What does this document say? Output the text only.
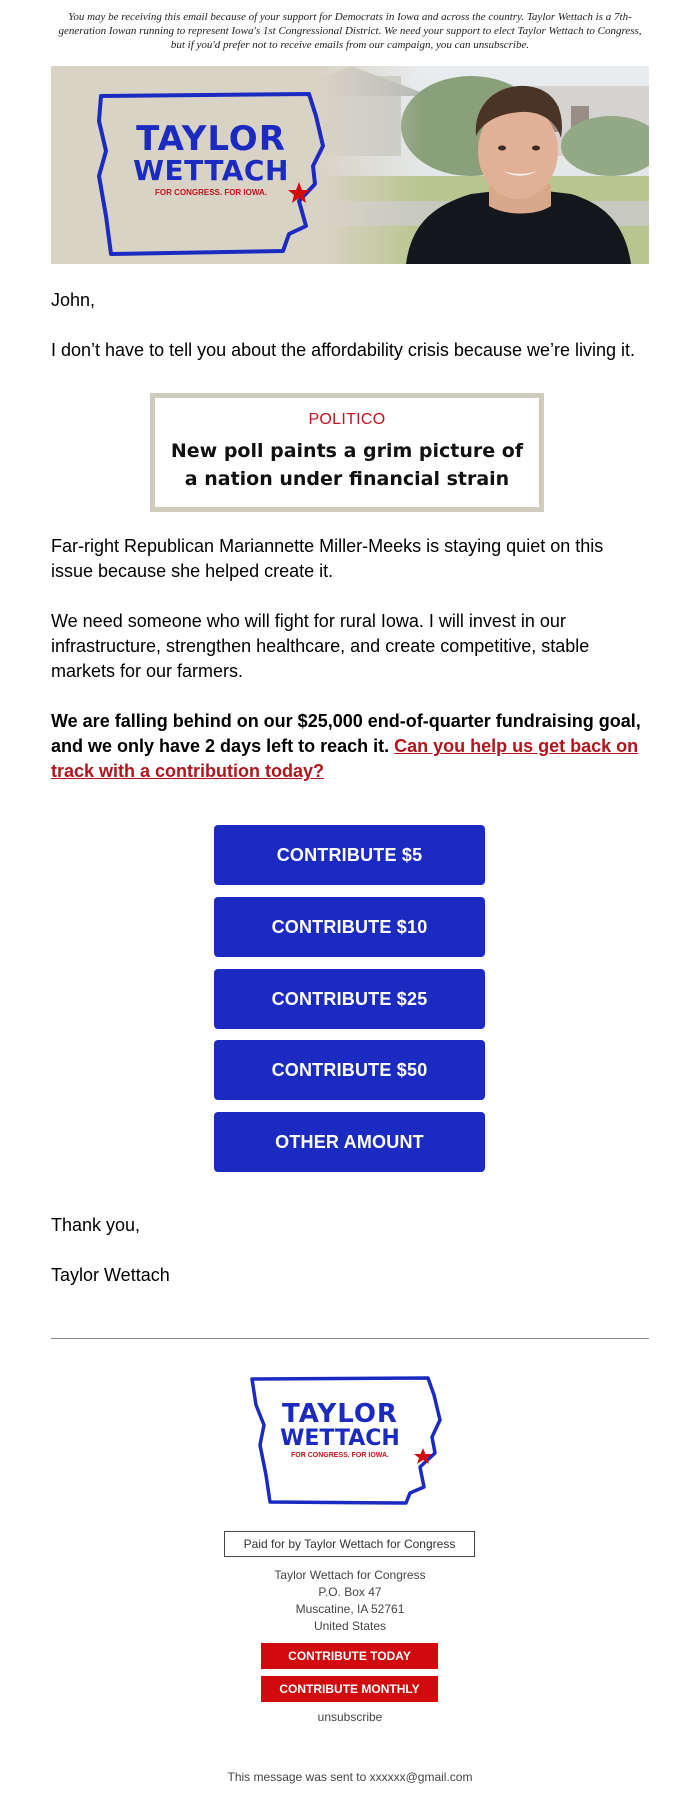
You may be receiving this email because of your support for Democrats in Iowa and across the country. Taylor Wettach is a 7th-generation Iowan running to represent Iowa's 1st Congressional District. We need your support to elect Taylor Wettach to Congress, but if you'd prefer not to receive emails from our campaign, you can unsubscribe.
TAYLOR
WETTACH
FOR CONGRESS. FOR IOWA.
John,
I don’t have to tell you about the affordability crisis because we’re living it.
POLITICO
New poll paints a grim picture of a nation under financial strain
Far-right Republican Mariannette Miller-Meeks is staying quiet on this issue because she helped create it.
We need someone who will fight for rural Iowa. I will invest in our infrastructure, strengthen healthcare, and create competitive, stable markets for our farmers.
We are falling behind on our $25,000 end-of-quarter fundraising goal, and we only have 2 days left to reach it. Can you help us get back on track with a contribution today?
CONTRIBUTE $5
CONTRIBUTE $10
CONTRIBUTE $25
CONTRIBUTE $50
OTHER AMOUNT
Thank you,
Taylor Wettach
TAYLOR
WETTACH
FOR CONGRESS. FOR IOWA.
Paid for by Taylor Wettach for Congress
Taylor Wettach for Congress
P.O. Box 47
Muscatine, IA 52761
United States
CONTRIBUTE TODAY
CONTRIBUTE MONTHLY
unsubscribe
This message was sent to xxxxxx@gmail.com
